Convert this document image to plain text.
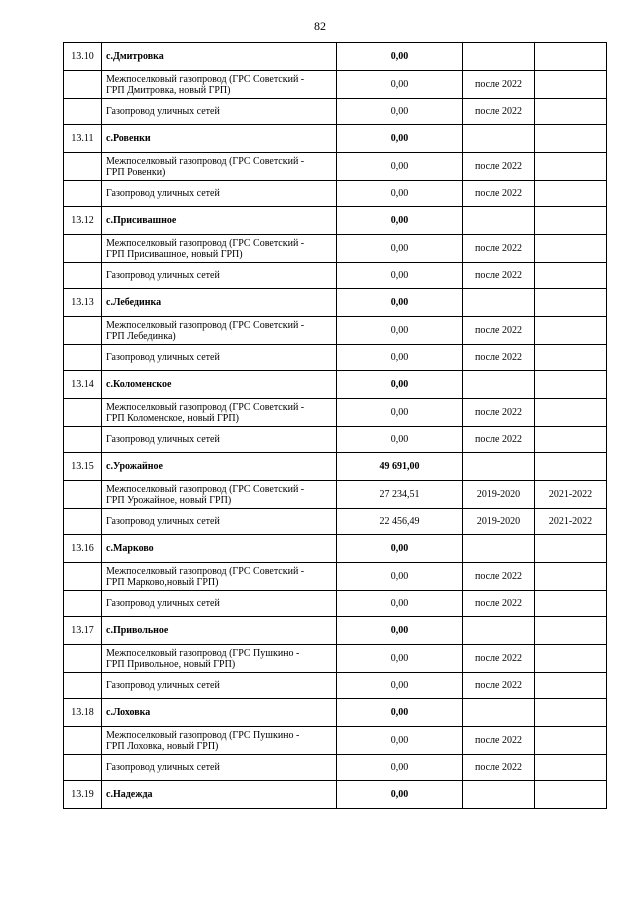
82
13.10	с.Дмитровка	0,00		
	Межпоселковый газопровод (ГРС Советский -
ГРП Дмитровка, новый ГРП)	0,00	после 2022	
	Газопровод уличных сетей	0,00	после 2022	
13.11	с.Ровенки	0,00		
	Межпоселковый газопровод (ГРС Советский -
ГРП Ровенки)	0,00	после 2022	
	Газопровод уличных сетей	0,00	после 2022	
13.12	с.Присивашное	0,00		
	Межпоселковый газопровод (ГРС Советский -
ГРП Присивашное, новый ГРП)	0,00	после 2022	
	Газопровод уличных сетей	0,00	после 2022	
13.13	с.Лебединка	0,00		
	Межпоселковый газопровод (ГРС Советский -
ГРП Лебединка)	0,00	после 2022	
	Газопровод уличных сетей	0,00	после 2022	
13.14	с.Коломенское	0,00		
	Межпоселковый газопровод (ГРС Советский -
ГРП Коломенское, новый ГРП)	0,00	после 2022	
	Газопровод уличных сетей	0,00	после 2022	
13.15	с.Урожайное	49 691,00		
	Межпоселковый газопровод (ГРС Советский -
ГРП Урожайное, новый ГРП)	27 234,51	2019-2020	2021-2022
	Газопровод уличных сетей	22 456,49	2019-2020	2021-2022
13.16	с.Марково	0,00		
	Межпоселковый газопровод (ГРС Советский -
ГРП Марково,новый ГРП)	0,00	после 2022	
	Газопровод уличных сетей	0,00	после 2022	
13.17	с.Привольное	0,00		
	Межпоселковый газопровод (ГРС Пушкино -
ГРП Привольное, новый ГРП)	0,00	после 2022	
	Газопровод уличных сетей	0,00	после 2022	
13.18	с.Лоховка	0,00		
	Межпоселковый газопровод (ГРС Пушкино -
ГРП Лоховка, новый ГРП)	0,00	после 2022	
	Газопровод уличных сетей	0,00	после 2022	
13.19	с.Надежда	0,00		
